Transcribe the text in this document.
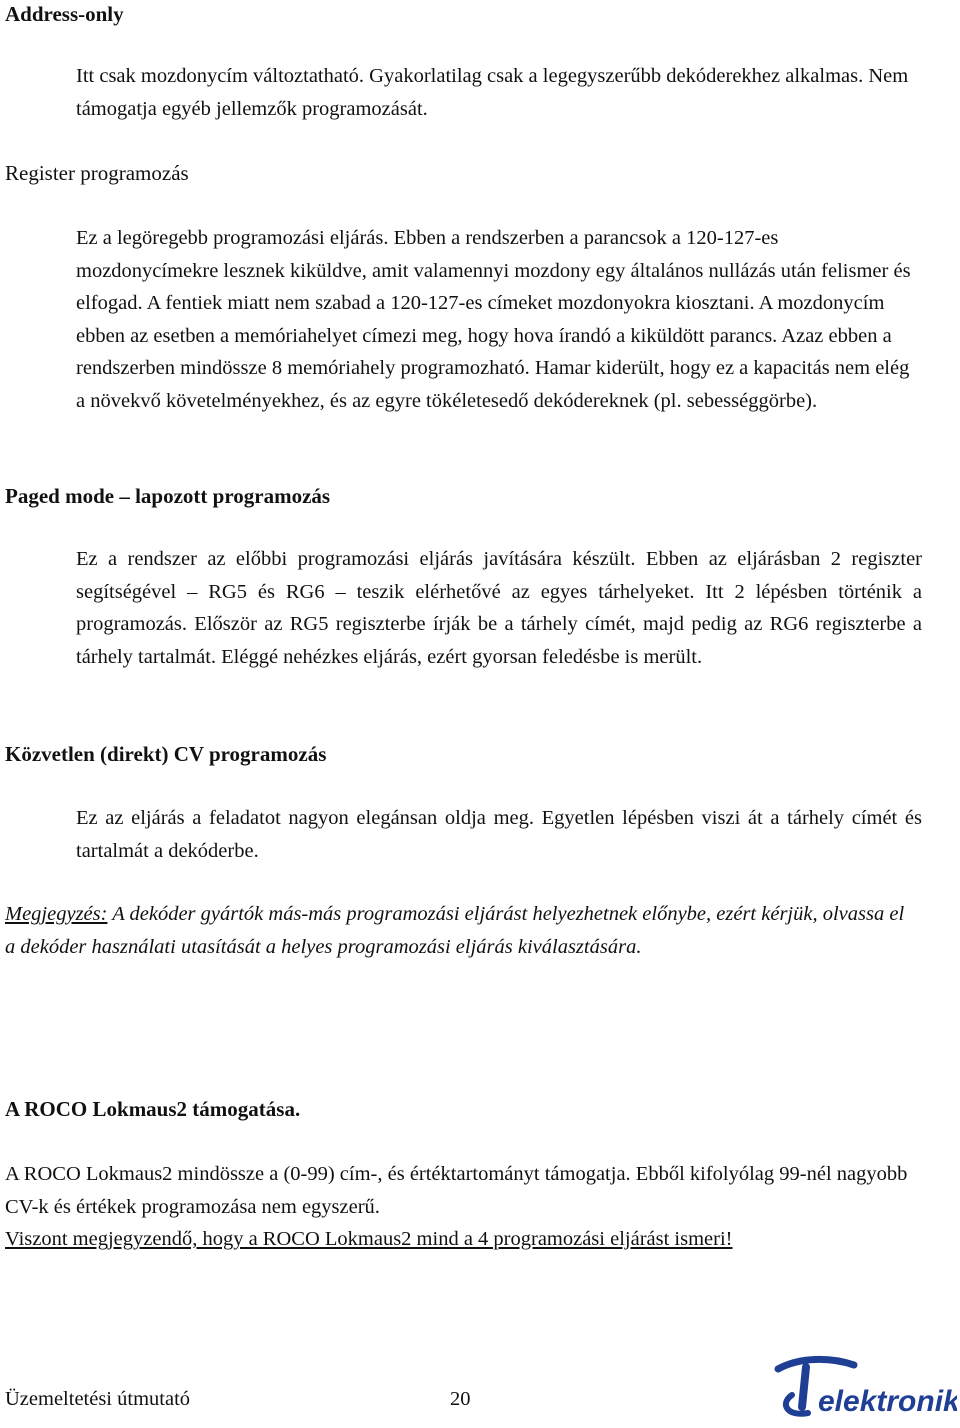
Address-only
Itt csak mozdonycím változtatható. Gyakorlatilag csak a legegyszerűbb dekóderekhez alkalmas. Nem támogatja egyéb jellemzők programozását.
Register programozás
Ez a legöregebb programozási eljárás. Ebben a rendszerben a parancsok a 120-127-es mozdonycímekre lesznek kiküldve, amit valamennyi mozdony egy általános nullázás után felismer és elfogad. A fentiek miatt nem szabad a 120-127-es címeket mozdonyokra kiosztani. A mozdonycím ebben az esetben a memóriahelyet címezi meg, hogy hova írandó a kiküldött parancs. Azaz ebben a rendszerben mindössze 8 memóriahely programozható. Hamar kiderült, hogy ez a kapacitás nem elég a növekvő követelményekhez, és az egyre tökéletesedő dekódereknek (pl. sebességgörbe).
Paged mode – lapozott programozás
Ez a rendszer az előbbi programozási eljárás javítására készült. Ebben az eljárásban 2 regiszter segítségével – RG5 és RG6 – teszik elérhetővé az egyes tárhelyeket. Itt 2 lépésben történik a programozás. Először az RG5 regiszterbe írják be a tárhely címét, majd pedig az RG6 regiszterbe a tárhely tartalmát. Eléggé nehézkes eljárás, ezért gyorsan feledésbe is merült.
Közvetlen (direkt) CV programozás
Ez az eljárás a feladatot nagyon elegánsan oldja meg. Egyetlen lépésben viszi át a tárhely címét és tartalmát a dekóderbe.
Megjegyzés: A dekóder gyártók más-más programozási eljárást helyezhetnek előnybe, ezért kérjük, olvassa el a dekóder használati utasítását a helyes programozási eljárás kiválasztására.
A ROCO Lokmaus2 támogatása.
A ROCO Lokmaus2 mindössze a (0-99) cím-, és értéktartományt támogatja. Ebből kifolyólag 99-nél nagyobb CV-k és értékek programozása nem egyszerű.
Viszont megjegyzendő, hogy a ROCO Lokmaus2 mind a 4 programozási eljárást ismeri!
Üzemeltetési útmutató	20	elektronik
